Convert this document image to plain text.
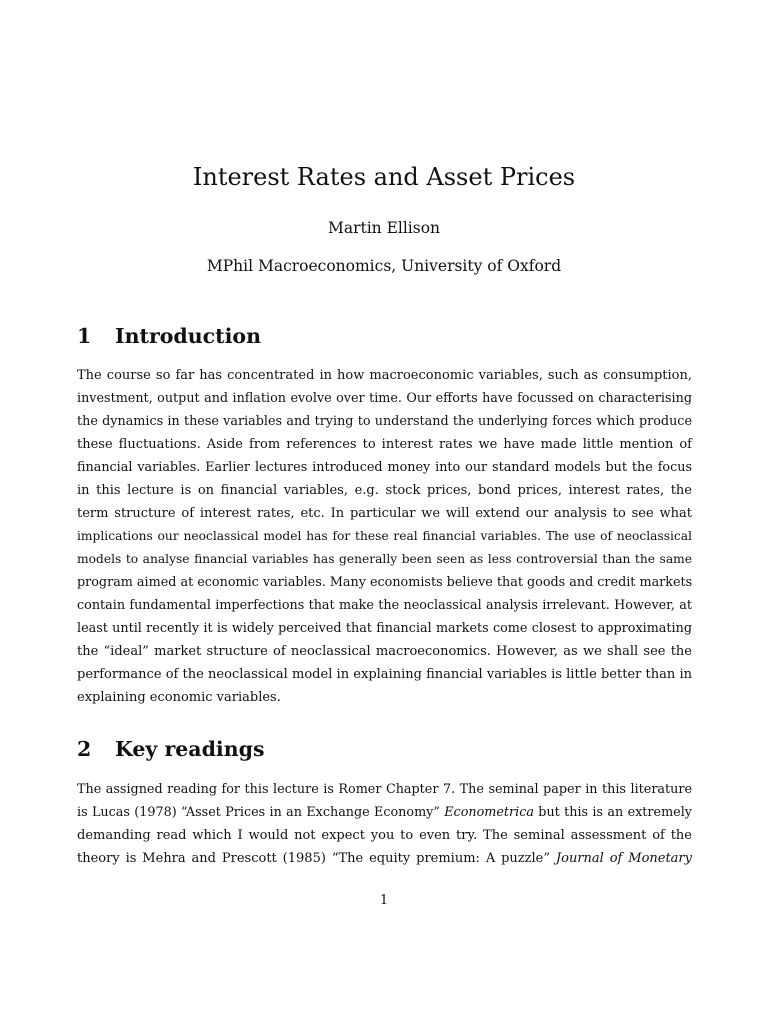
Interest Rates and Asset Prices
Martin Ellison
MPhil Macroeconomics, University of Oxford
1 Introduction
The course so far has concentrated in how macroeconomic variables, such as consumption,
investment, output and inflation evolve over time. Our efforts have focussed on characterising
the dynamics in these variables and trying to understand the underlying forces which produce
these fluctuations. Aside from references to interest rates we have made little mention of
financial variables. Earlier lectures introduced money into our standard models but the focus
in this lecture is on financial variables, e.g. stock prices, bond prices, interest rates, the
term structure of interest rates, etc. In particular we will extend our analysis to see what
implications our neoclassical model has for these real financial variables. The use of neoclassical
models to analyse financial variables has generally been seen as less controversial than the same
program aimed at economic variables. Many economists believe that goods and credit markets
contain fundamental imperfections that make the neoclassical analysis irrelevant. However, at
least until recently it is widely perceived that financial markets come closest to approximating
the “ideal” market structure of neoclassical macroeconomics. However, as we shall see the
performance of the neoclassical model in explaining financial variables is little better than in
explaining economic variables.
2 Key readings
The assigned reading for this lecture is Romer Chapter 7. The seminal paper in this literature
is Lucas (1978) “Asset Prices in an Exchange Economy” Econometrica but this is an extremely
demanding read which I would not expect you to even try. The seminal assessment of the
theory is Mehra and Prescott (1985) “The equity premium: A puzzle” Journal of Monetary
1
